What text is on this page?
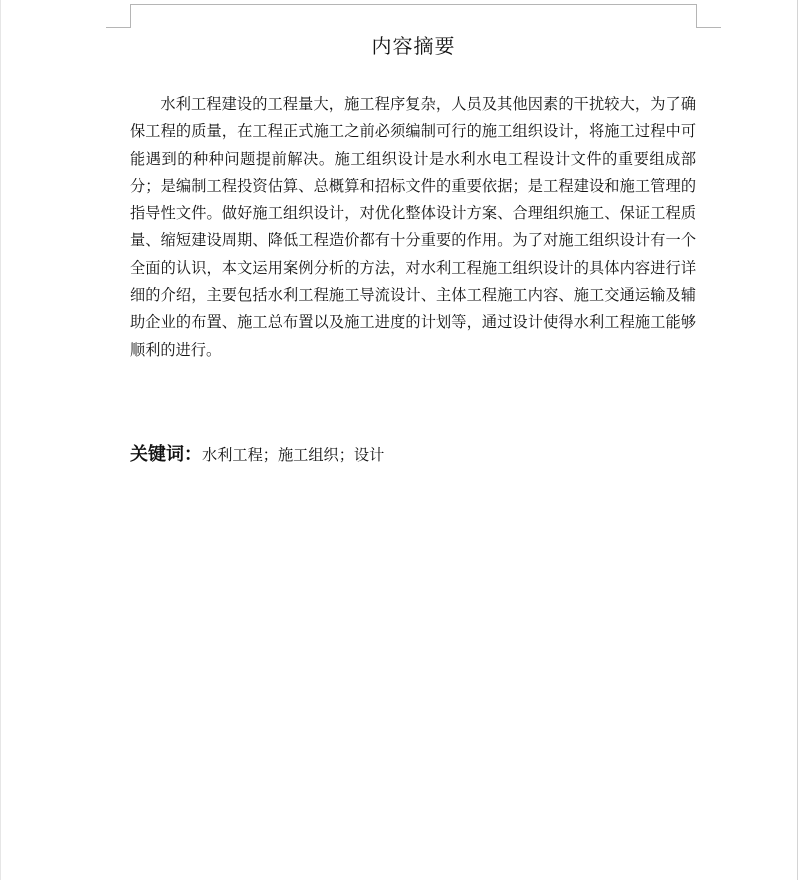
内容摘要

水利工程建设的工程量大，施工程序复杂，人员及其他因素的干扰较大，为了确保工程的质量，在工程正式施工之前必须编制可行的施工组织设计，将施工过程中可能遇到的种种问题提前解决。施工组织设计是水利水电工程设计文件的重要组成部分；是编制工程投资估算、总概算和招标文件的重要依据；是工程建设和施工管理的指导性文件。做好施工组织设计，对优化整体设计方案、合理组织施工、保证工程质量、缩短建设周期、降低工程造价都有十分重要的作用。为了对施工组织设计有一个全面的认识，本文运用案例分析的方法，对水利工程施工组织设计的具体内容进行详细的介绍，主要包括水利工程施工导流设计、主体工程施工内容、施工交通运输及辅助企业的布置、施工总布置以及施工进度的计划等，通过设计使得水利工程施工能够顺利的进行。

关键词：水利工程；施工组织；设计
